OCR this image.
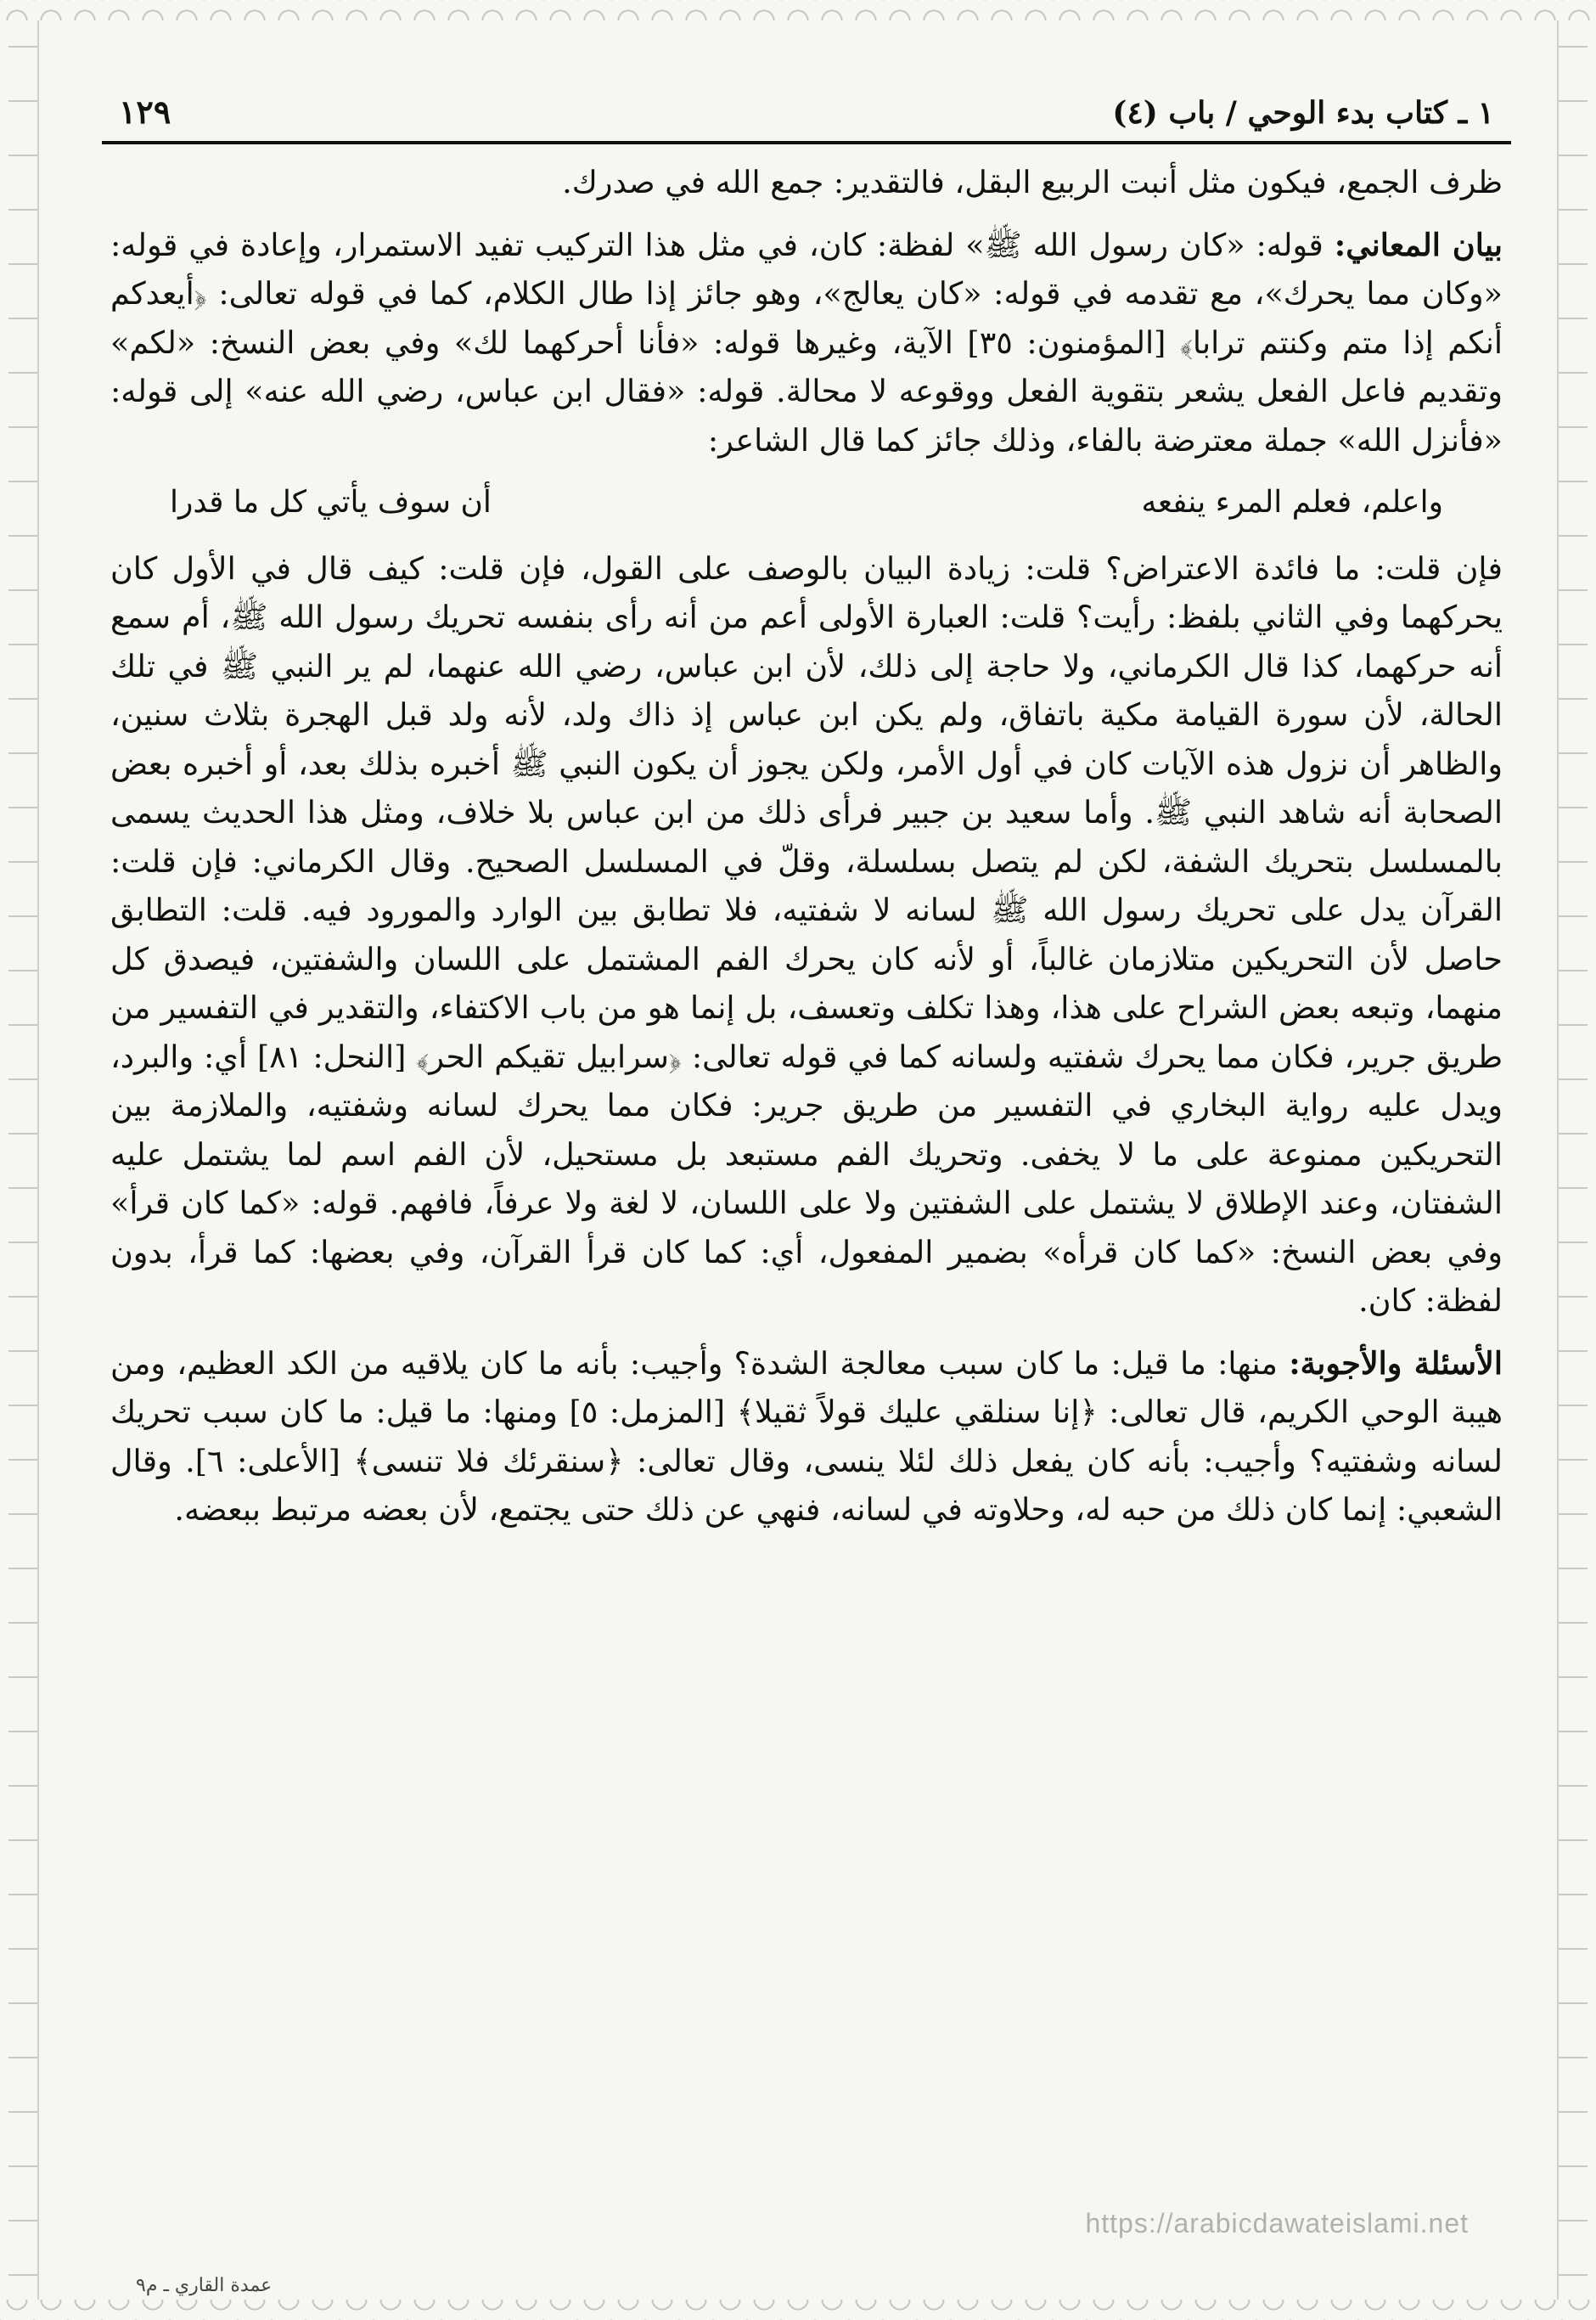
١ ـ كتاب بدء الوحي / باب (٤)
١٢٩

ظرف الجمع، فيكون مثل أنبت الربيع البقل، فالتقدير: جمع الله في صدرك.

بيان المعاني: قوله: «كان رسول الله ﷺ» لفظة: كان، في مثل هذا التركيب تفيد الاستمرار، وإعادة في قوله: «وكان مما يحرك»، مع تقدمه في قوله: «كان يعالج»، وهو جائز إذا طال الكلام، كما في قوله تعالى: ﴿أيعدكم أنكم إذا متم وكنتم ترابا﴾ [المؤمنون: ٣٥] الآية، وغيرها قوله: «فأنا أحركهما لك» وفي بعض النسخ: «لكم» وتقديم فاعل الفعل يشعر بتقوية الفعل ووقوعه لا محالة. قوله: «فقال ابن عباس، رضي الله عنه» إلى قوله: «فأنزل الله» جملة معترضة بالفاء، وذلك جائز كما قال الشاعر:

واعلم، فعلم المرء ينفعه
أن سوف يأتي كل ما قدرا

فإن قلت: ما فائدة الاعتراض؟ قلت: زيادة البيان بالوصف على القول، فإن قلت: كيف قال في الأول كان يحركهما وفي الثاني بلفظ: رأيت؟ قلت: العبارة الأولى أعم من أنه رأى بنفسه تحريك رسول الله ﷺ، أم سمع أنه حركهما، كذا قال الكرماني، ولا حاجة إلى ذلك، لأن ابن عباس، رضي الله عنهما، لم ير النبي ﷺ في تلك الحالة، لأن سورة القيامة مكية باتفاق، ولم يكن ابن عباس إذ ذاك ولد، لأنه ولد قبل الهجرة بثلاث سنين، والظاهر أن نزول هذه الآيات كان في أول الأمر، ولكن يجوز أن يكون النبي ﷺ أخبره بذلك بعد، أو أخبره بعض الصحابة أنه شاهد النبي ﷺ. وأما سعيد بن جبير فرأى ذلك من ابن عباس بلا خلاف، ومثل هذا الحديث يسمى بالمسلسل بتحريك الشفة، لكن لم يتصل بسلسلة، وقلّ في المسلسل الصحيح. وقال الكرماني: فإن قلت: القرآن يدل على تحريك رسول الله ﷺ لسانه لا شفتيه، فلا تطابق بين الوارد والمورود فيه. قلت: التطابق حاصل لأن التحريكين متلازمان غالباً، أو لأنه كان يحرك الفم المشتمل على اللسان والشفتين، فيصدق كل منهما، وتبعه بعض الشراح على هذا، وهذا تكلف وتعسف، بل إنما هو من باب الاكتفاء، والتقدير في التفسير من طريق جرير، فكان مما يحرك شفتيه ولسانه كما في قوله تعالى: ﴿سرابيل تقيكم الحر﴾ [النحل: ٨١] أي: والبرد، ويدل عليه رواية البخاري في التفسير من طريق جرير: فكان مما يحرك لسانه وشفتيه، والملازمة بين التحريكين ممنوعة على ما لا يخفى. وتحريك الفم مستبعد بل مستحيل، لأن الفم اسم لما يشتمل عليه الشفتان، وعند الإطلاق لا يشتمل على الشفتين ولا على اللسان، لا لغة ولا عرفاً، فافهم. قوله: «كما كان قرأ» وفي بعض النسخ: «كما كان قرأه» بضمير المفعول، أي: كما كان قرأ القرآن، وفي بعضها: كما قرأ، بدون لفظة: كان.

الأسئلة والأجوبة: منها: ما قيل: ما كان سبب معالجة الشدة؟ وأجيب: بأنه ما كان يلاقيه من الكد العظيم، ومن هيبة الوحي الكريم، قال تعالى: ﴿إنا سنلقي عليك قولاً ثقيلا﴾ [المزمل: ٥] ومنها: ما قيل: ما كان سبب تحريك لسانه وشفتيه؟ وأجيب: بأنه كان يفعل ذلك لئلا ينسى، وقال تعالى: ﴿سنقرئك فلا تنسى﴾ [الأعلى: ٦]. وقال الشعبي: إنما كان ذلك من حبه له، وحلاوته في لسانه، فنهي عن ذلك حتى يجتمع، لأن بعضه مرتبط ببعضه.

https://arabicdawateislami.net
عمدة القاري ـ م٩
